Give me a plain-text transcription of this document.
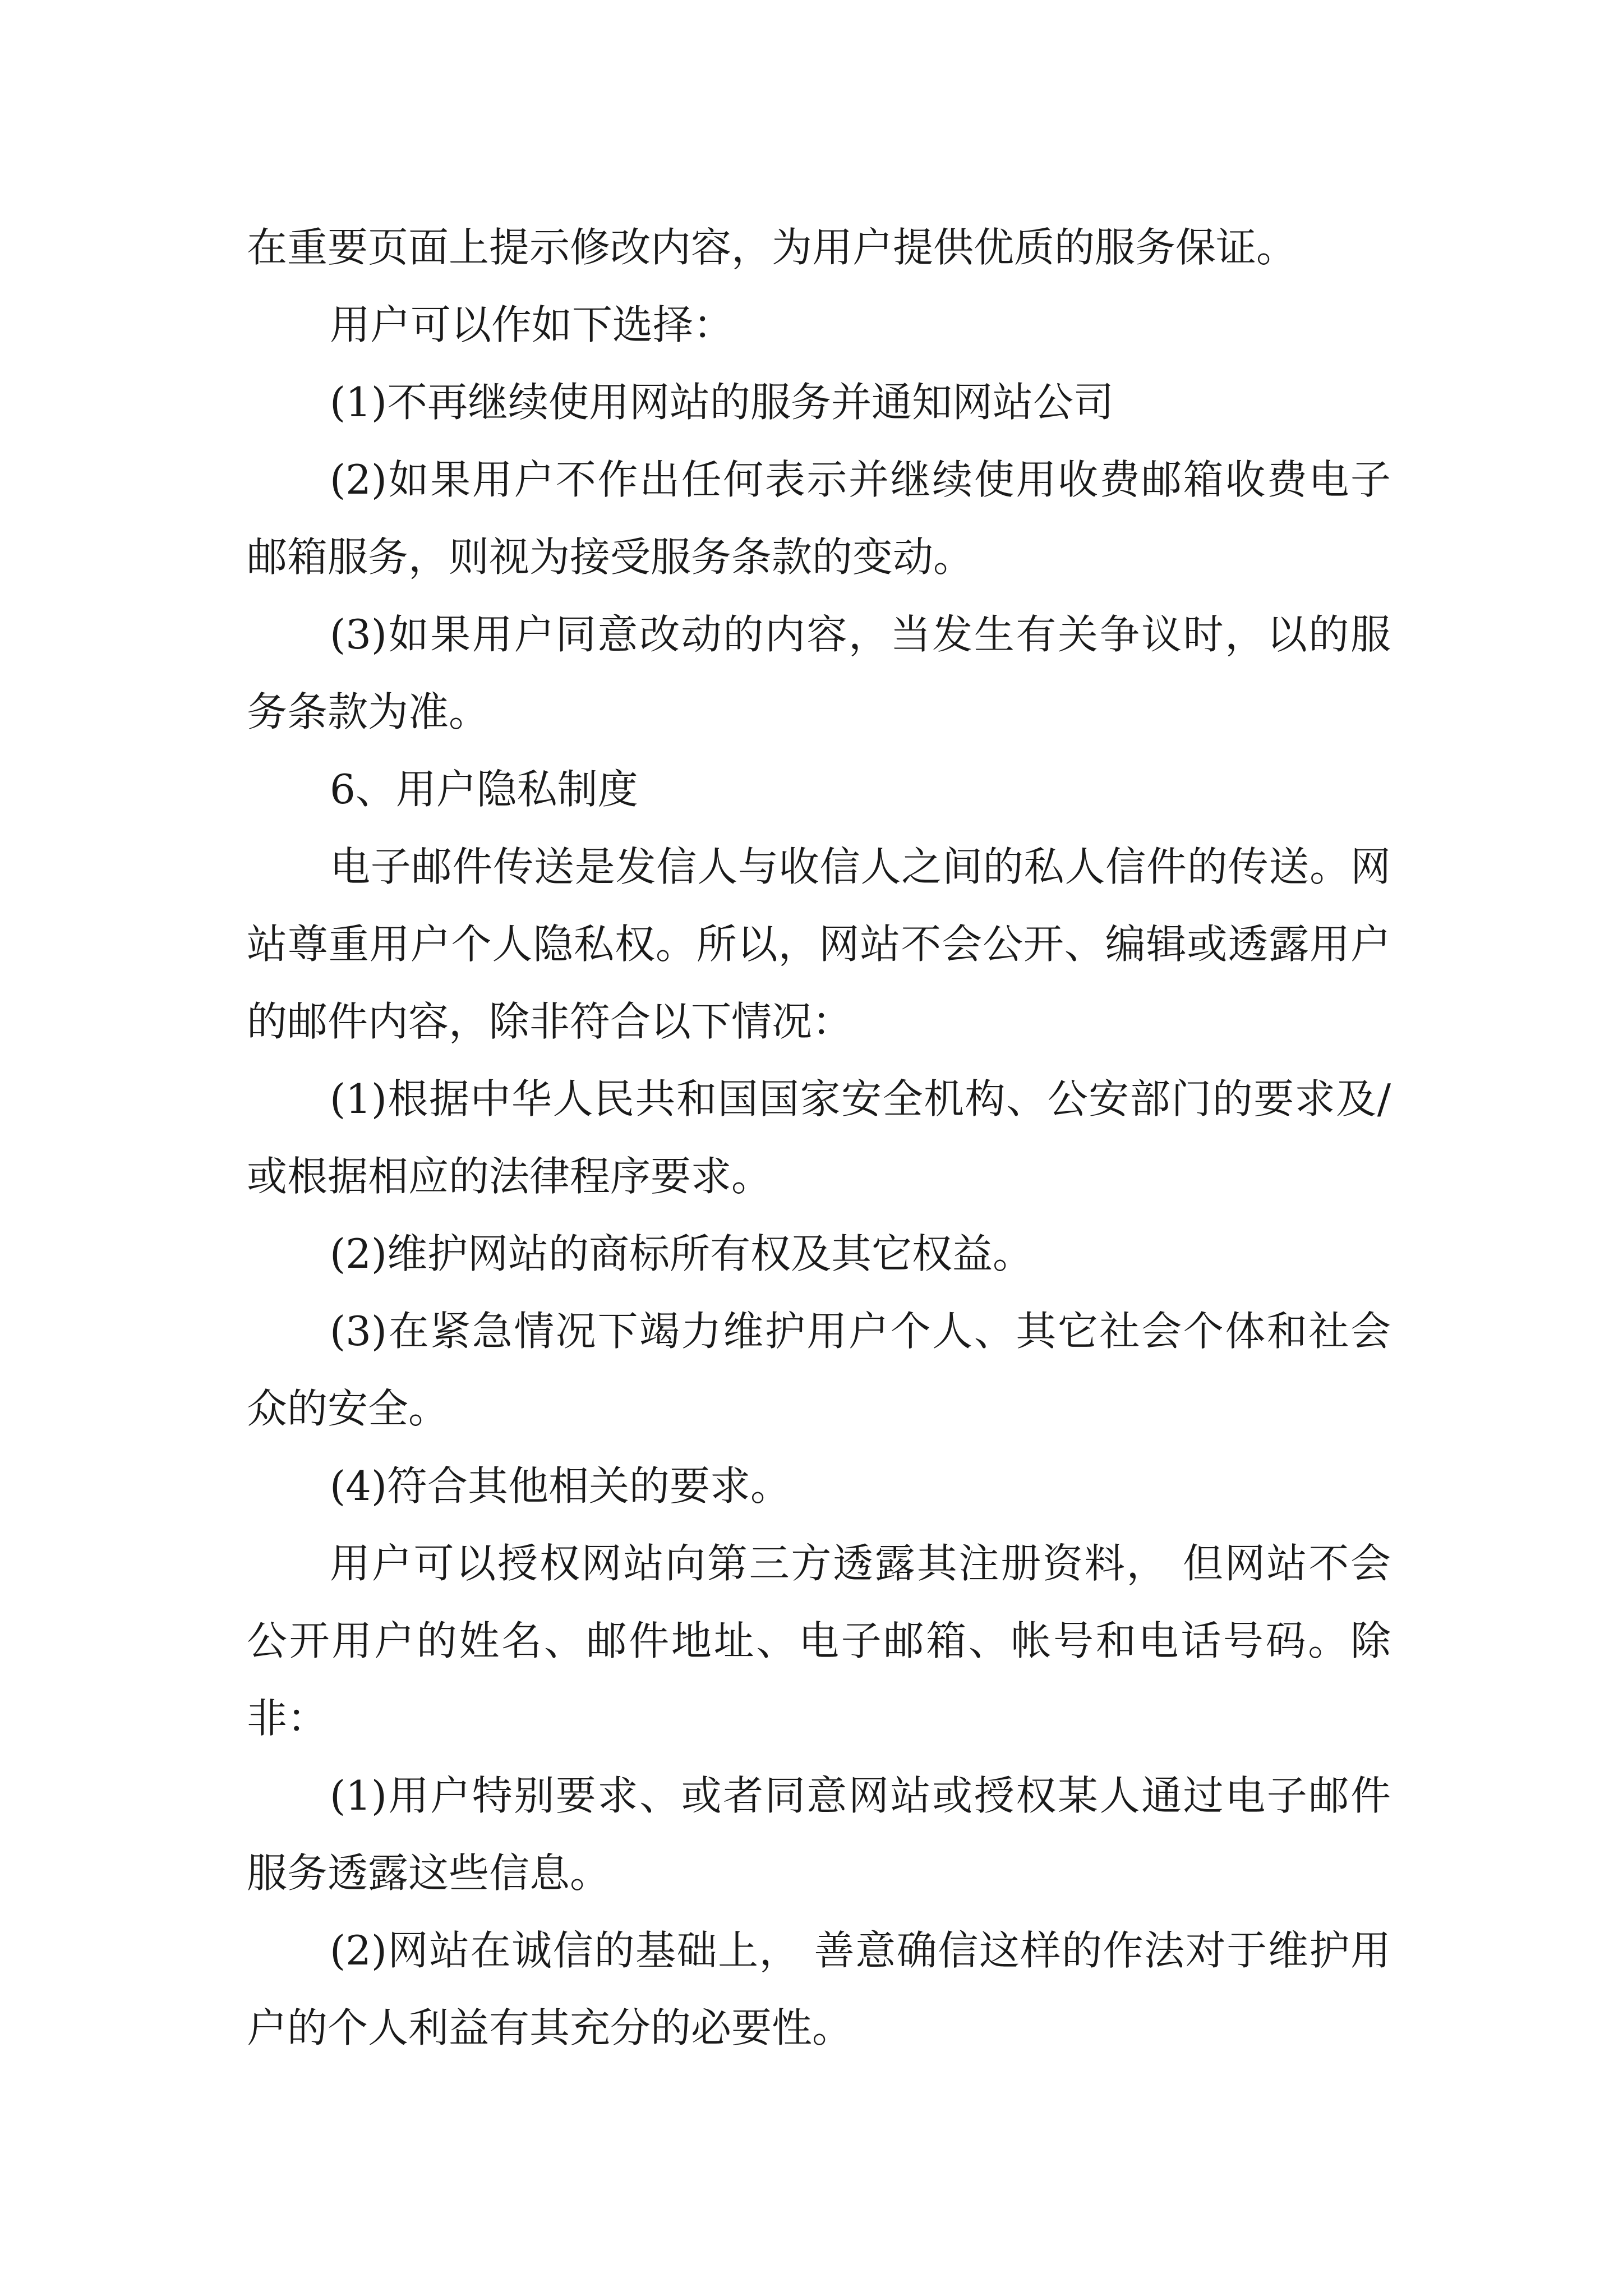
在重要页面上提示修改内容，为用户提供优质的服务保证。

用户可以作如下选择：

(1)不再继续使用网站的服务并通知网站公司

(2)如果用户不作出任何表示并继续使用收费邮箱收费电子邮箱服务，则视为接受服务条款的变动。

(3)如果用户同意改动的内容，当发生有关争议时，以的服务条款为准。

6、用户隐私制度

电子邮件传送是发信人与收信人之间的私人信件的传送。网站尊重用户个人隐私权。所以，网站不会公开、编辑或透露用户的邮件内容，除非符合以下情况：

(1)根据中华人民共和国国家安全机构、公安部门的要求及/或根据相应的法律程序要求。

(2)维护网站的商标所有权及其它权益。

(3)在紧急情况下竭力维护用户个人、其它社会个体和社会众的安全。

(4)符合其他相关的要求。

用户可以授权网站向第三方透露其注册资料， 但网站不会公开用户的姓名、邮件地址、电子邮箱、帐号和电话号码。除非：

(1)用户特别要求、或者同意网站或授权某人通过电子邮件服务透露这些信息。

(2)网站在诚信的基础上， 善意确信这样的作法对于维护用户的个人利益有其充分的必要性。
